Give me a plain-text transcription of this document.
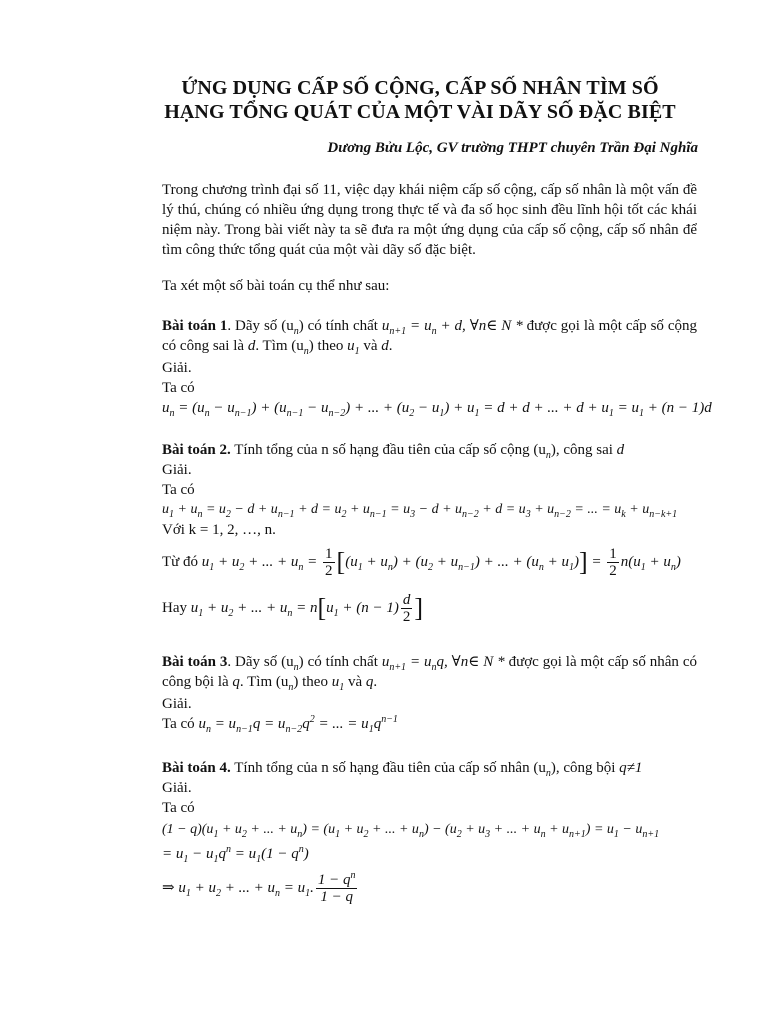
ỨNG DỤNG CẤP SỐ CỘNG, CẤP SỐ NHÂN TÌM SỐ
HẠNG TỔNG QUÁT CỦA MỘT VÀI DÃY SỐ ĐẶC BIỆT
Dương Bửu Lộc, GV trường THPT chuyên Trần Đại Nghĩa
Trong chương trình đại số 11, việc dạy khái niệm cấp số cộng, cấp số nhân là một vấn đề lý thú, chúng có nhiều ứng dụng trong thực tế và đa số học sinh đều lĩnh hội tốt các khái niệm này. Trong bài viết này ta sẽ đưa ra một ứng dụng của cấp số cộng, cấp số nhân để tìm công thức tổng quát của một vài dãy số đặc biệt.
Ta xét một số bài toán cụ thể như sau:
Bài toán 1. Dãy số $(u_n)$ có tính chất $u_{n+1} = u_n + d$, ∀n∈ N * được gọi là một cấp số cộng có công sai là d. Tìm $(u_n)$ theo $u_1$ và d.
Giải.
Ta có
$u_n = (u_n - u_{n-1}) + (u_{n-1} - u_{n-2})$ + ... + $(u_2 - u_1) + u_1 = d + d$ + ... + $d + u_1 = u_1 + (n - 1)d$
Bài toán 2. Tính tổng của n số hạng đầu tiên của cấp số cộng $(u_n)$, công sai d
Giải.
Ta có
$u_1 + u_n = u_2 - d + u_{n-1} + d = u_2 + u_{n-1} = u_3 - d + u_{n-2} + d = u_3 + u_{n-2}$ = ... = $u_k + u_{n-k+1}$
Với k = 1, 2, …, n.
Từ đó $u_1 + u_2$ + ... + $u_n = \frac{1}{2} [(u_1 + u_n) + (u_2 + u_{n-1})$ + ... + $(u_n + u_1)] = \frac{1}{2} n(u_1 + u_n)$
Hay $u_1 + u_2$ + ... + $u_n = n[u_1 + (n - 1) \frac{d}{2}$ ]
Bài toán 3. Dãy số $(u_n)$ có tính chất $u_{n+1} = u_nq$, ∀n∈ N * được gọi là một cấp số nhân có công bội là q. Tìm $(u_n)$ theo $u_1$ và q.
Giải.
Ta có $u_n = u_{n-1}q = u_{n-2}q^2$ = ... = $u_1q^{n-1}$
Bài toán 4. Tính tổng của n số hạng đầu tiên của cấp số nhân $(u_n)$, công bội q≠1
Giải.
Ta có
$(1 - q)(u_1 + u_2$ + ... + $u_n) = (u_1 + u_2$ + ... + $u_n) - (u_2 + u_3$ + ... + $u_n + u_{n+1}) = u_1 - u_{n+1}$
= $u_1 - u_1q^n = u_1(1 - q^n)$
⇒ $u_1 + u_2$ + ... + $u_n = u_1$. $\frac{1 - q^n}{1 - q}$
